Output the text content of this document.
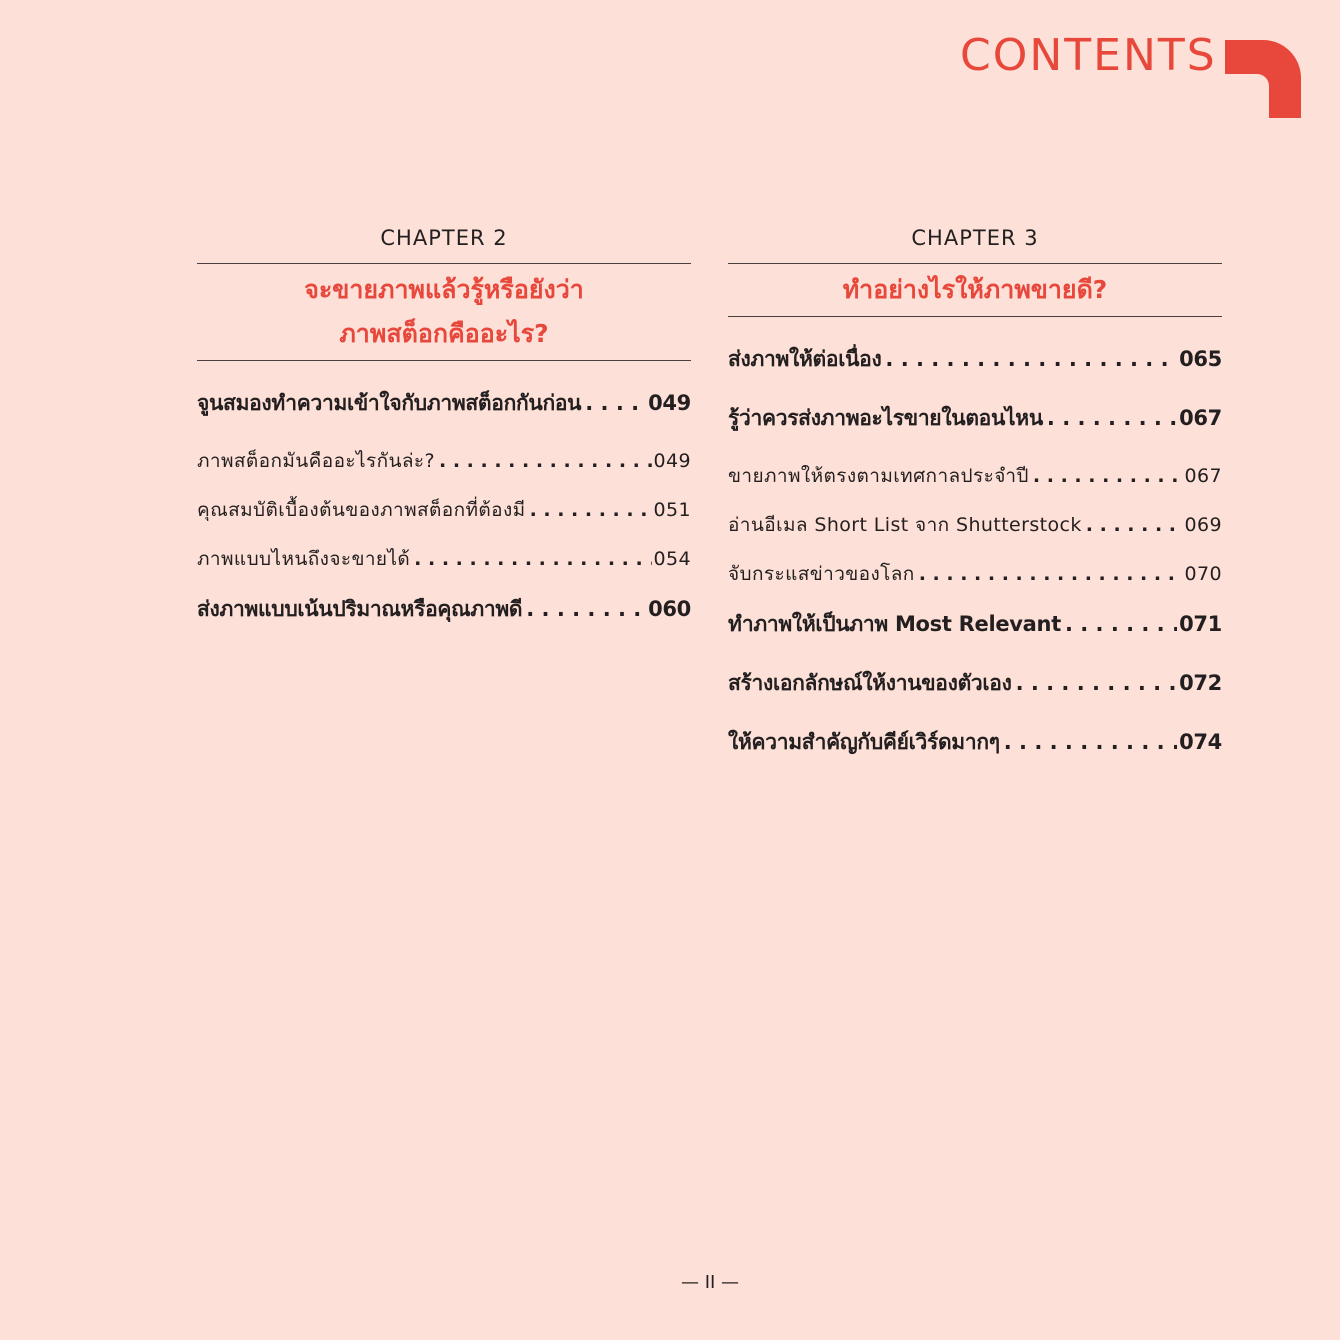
CONTENTS
CHAPTER 2
จะขายภาพแล้วรู้หรือยังว่า
ภาพสต็อกคืออะไร?
จูนสมองทำความเข้าใจกับภาพสต็อกกันก่อน . . .	049
ภาพสต็อกมันคืออะไรกันล่ะ? . . .	049
คุณสมบัติเบื้องต้นของภาพสต็อกที่ต้องมี . . .	051
ภาพแบบไหนถึงจะขายได้ . . .	054
ส่งภาพแบบเน้นปริมาณหรือคุณภาพดี . . .	060
CHAPTER 3
ทำอย่างไรให้ภาพขายดี?
ส่งภาพให้ต่อเนื่อง . . .	065
รู้ว่าควรส่งภาพอะไรขายในตอนไหน . . .	067
ขายภาพให้ตรงตามเทศกาลประจำปี . . .	067
อ่านอีเมล Short List จาก Shutterstock . . .	069
จับกระแสข่าวของโลก . . .	070
ทำภาพให้เป็นภาพ Most Relevant . . .	071
สร้างเอกลักษณ์ให้งานของตัวเอง . . .	072
ให้ความสำคัญกับคีย์เวิร์ดมากๆ . . .	074
— II —
